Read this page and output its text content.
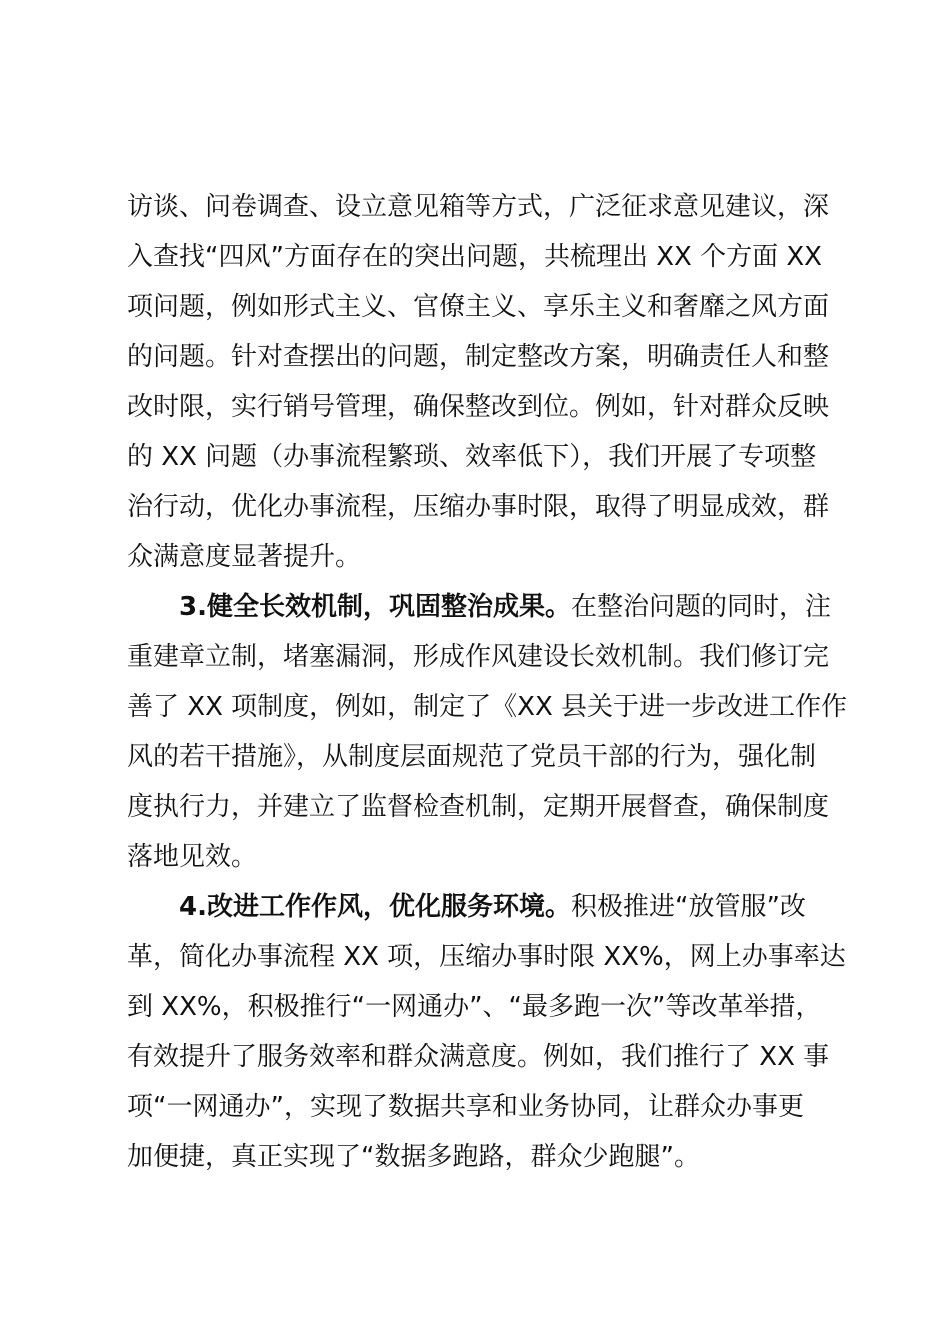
访谈、问卷调查、设立意见箱等方式，广泛征求意见建议，深

入查找“四风”方面存在的突出问题，共梳理出 XX 个方面 XX

项问题，例如形式主义、官僚主义、享乐主义和奢靡之风方面

的问题。针对查摆出的问题，制定整改方案，明确责任人和整

改时限，实行销号管理，确保整改到位。例如，针对群众反映

的 XX 问题（办事流程繁琐、效率低下），我们开展了专项整

治行动，优化办事流程，压缩办事时限，取得了明显成效，群

众满意度显著提升。

3.健全长效机制，巩固整治成果。在整治问题的同时，注

重建章立制，堵塞漏洞，形成作风建设长效机制。我们修订完

善了 XX 项制度，例如，制定了《XX 县关于进一步改进工作作

风的若干措施》，从制度层面规范了党员干部的行为，强化制

度执行力，并建立了监督检查机制，定期开展督查，确保制度

落地见效。

4.改进工作作风，优化服务环境。积极推进“放管服”改

革，简化办事流程 XX 项，压缩办事时限 XX%，网上办事率达

到 XX%，积极推行“一网通办”、“最多跑一次”等改革举措，

有效提升了服务效率和群众满意度。例如，我们推行了 XX 事

项“一网通办”，实现了数据共享和业务协同，让群众办事更

加便捷，真正实现了“数据多跑路，群众少跑腿”。
